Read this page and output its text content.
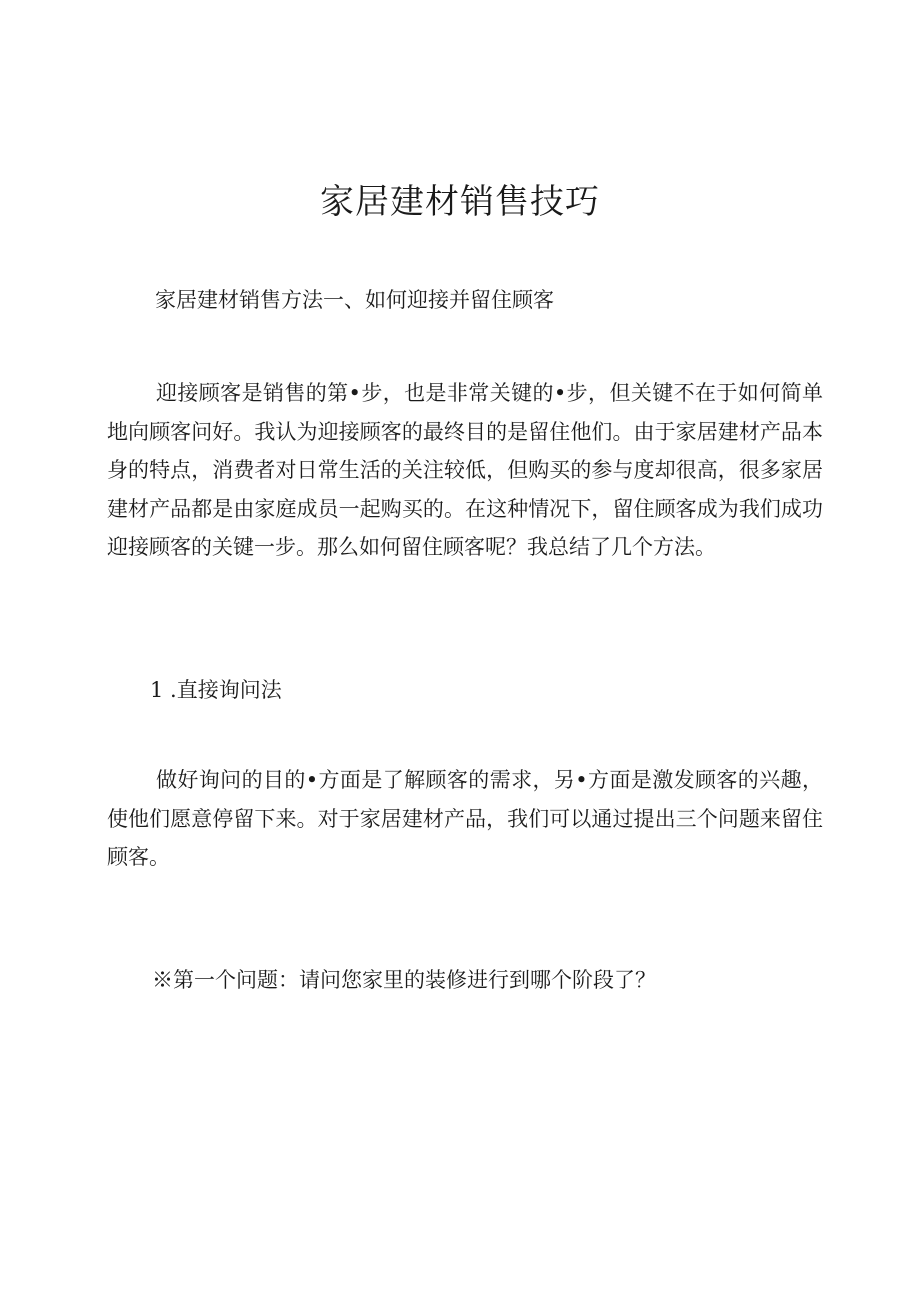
家居建材销售技巧

家居建材销售方法一、如何迎接并留住顾客

迎接顾客是销售的第•步，也是非常关键的•步，但关键不在于如何简单地向顾客问好。我认为迎接顾客的最终目的是留住他们。由于家居建材产品本身的特点，消费者对日常生活的关注较低，但购买的参与度却很高，很多家居建材产品都是由家庭成员一起购买的。在这种情况下，留住顾客成为我们成功迎接顾客的关键一步。那么如何留住顾客呢？我总结了几个方法。

1 .直接询问法

做好询问的目的•方面是了解顾客的需求，另•方面是激发顾客的兴趣，使他们愿意停留下来。对于家居建材产品，我们可以通过提出三个问题来留住顾客。

※第一个问题：请问您家里的装修进行到哪个阶段了？
